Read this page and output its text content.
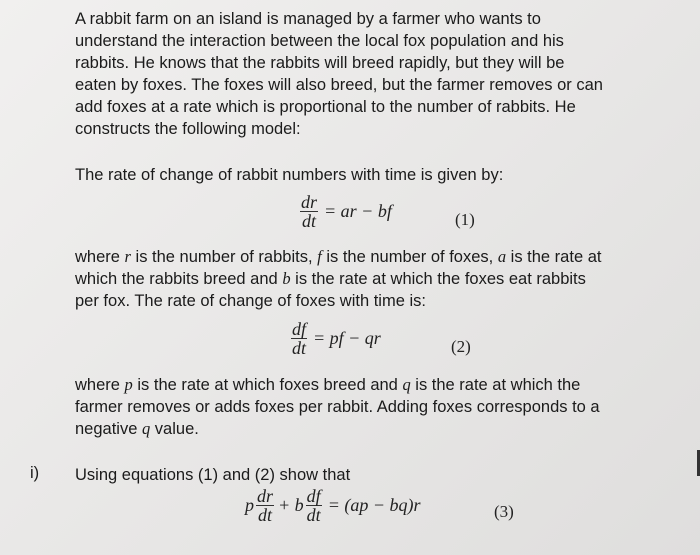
A rabbit farm on an island is managed by a farmer who wants to
understand the interaction between the local fox population and his
rabbits. He knows that the rabbits will breed rapidly, but they will be
eaten by foxes. The foxes will also breed, but the farmer removes or can
add foxes at a rate which is proportional to the number of rabbits. He
constructs the following model:

The rate of change of rabbit numbers with time is given by:

$\frac{dr}{dt}$ = ar − bf	(1)

where r is the number of rabbits, f is the number of foxes, a is the rate at
which the rabbits breed and b is the rate at which the foxes eat rabbits
per fox. The rate of change of foxes with time is:

$\frac{df}{dt}$ = pf − qr	(2)

where p is the rate at which foxes breed and q is the rate at which the
farmer removes or adds foxes per rabbit. Adding foxes corresponds to a
negative q value.

i) Using equations (1) and (2) show that

p $\frac{dr}{dt} + b \frac{df}{dt} = (ap - bq)r$	(3)
